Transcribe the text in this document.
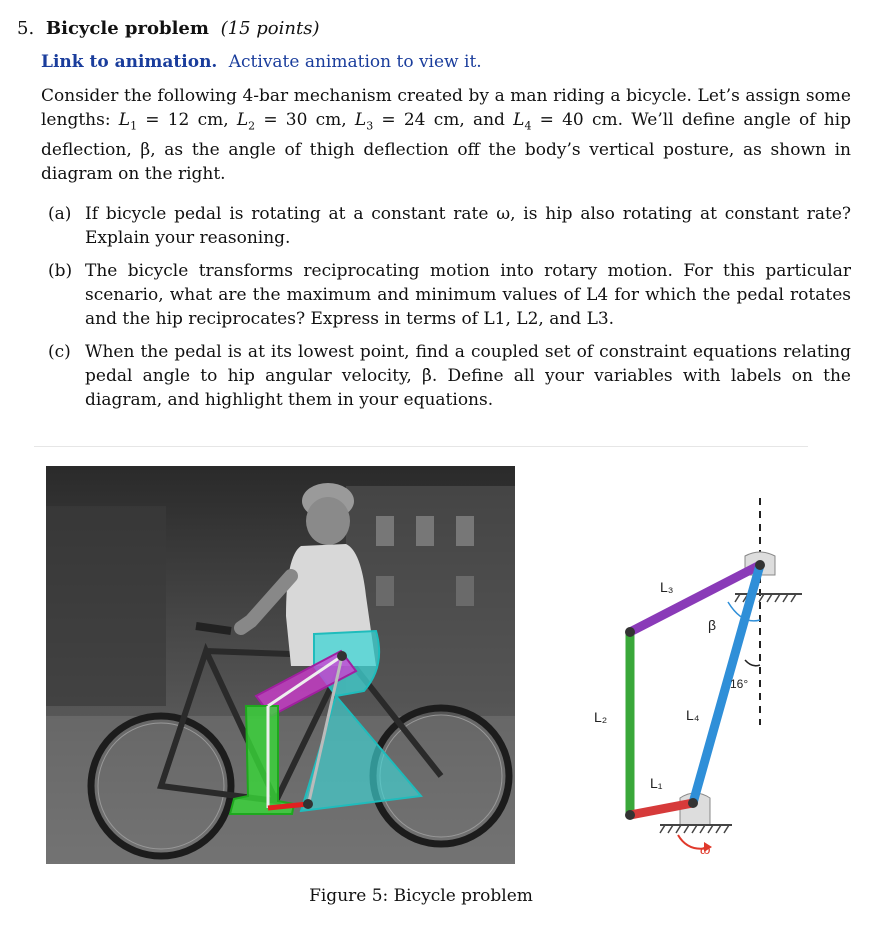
5. Bicycle problem (15 points)
Link to animation. Activate animation to view it.

Consider the following 4-bar mechanism created by a man riding a bicycle. Let’s assign some lengths: $L_1 = 12$ cm, $L_2 = 30$ cm, $L_3 = 24$ cm, and $L_4 = 40$ cm. We’ll define angle of hip deflection, β, as the angle of thigh deflection off the body’s vertical posture, as shown in diagram on the right.

(a) If bicycle pedal is rotating at a constant rate ω, is hip also rotating at constant rate? Explain your reasoning.
(b) The bicycle transforms reciprocating motion into rotary motion. For this particular scenario, what are the maximum and minimum values of L4 for which the pedal rotates and the hip reciprocates? Express in terms of L1, L2, and L3.
(c) When the pedal is at its lowest point, find a coupled set of constraint equations relating pedal angle to hip angular velocity, β̇. Define all your variables with labels on the diagram, and highlight them in your equations.
L₃
L₂	L₄
L₁
β
16°
ω
Figure 5: Bicycle problem
